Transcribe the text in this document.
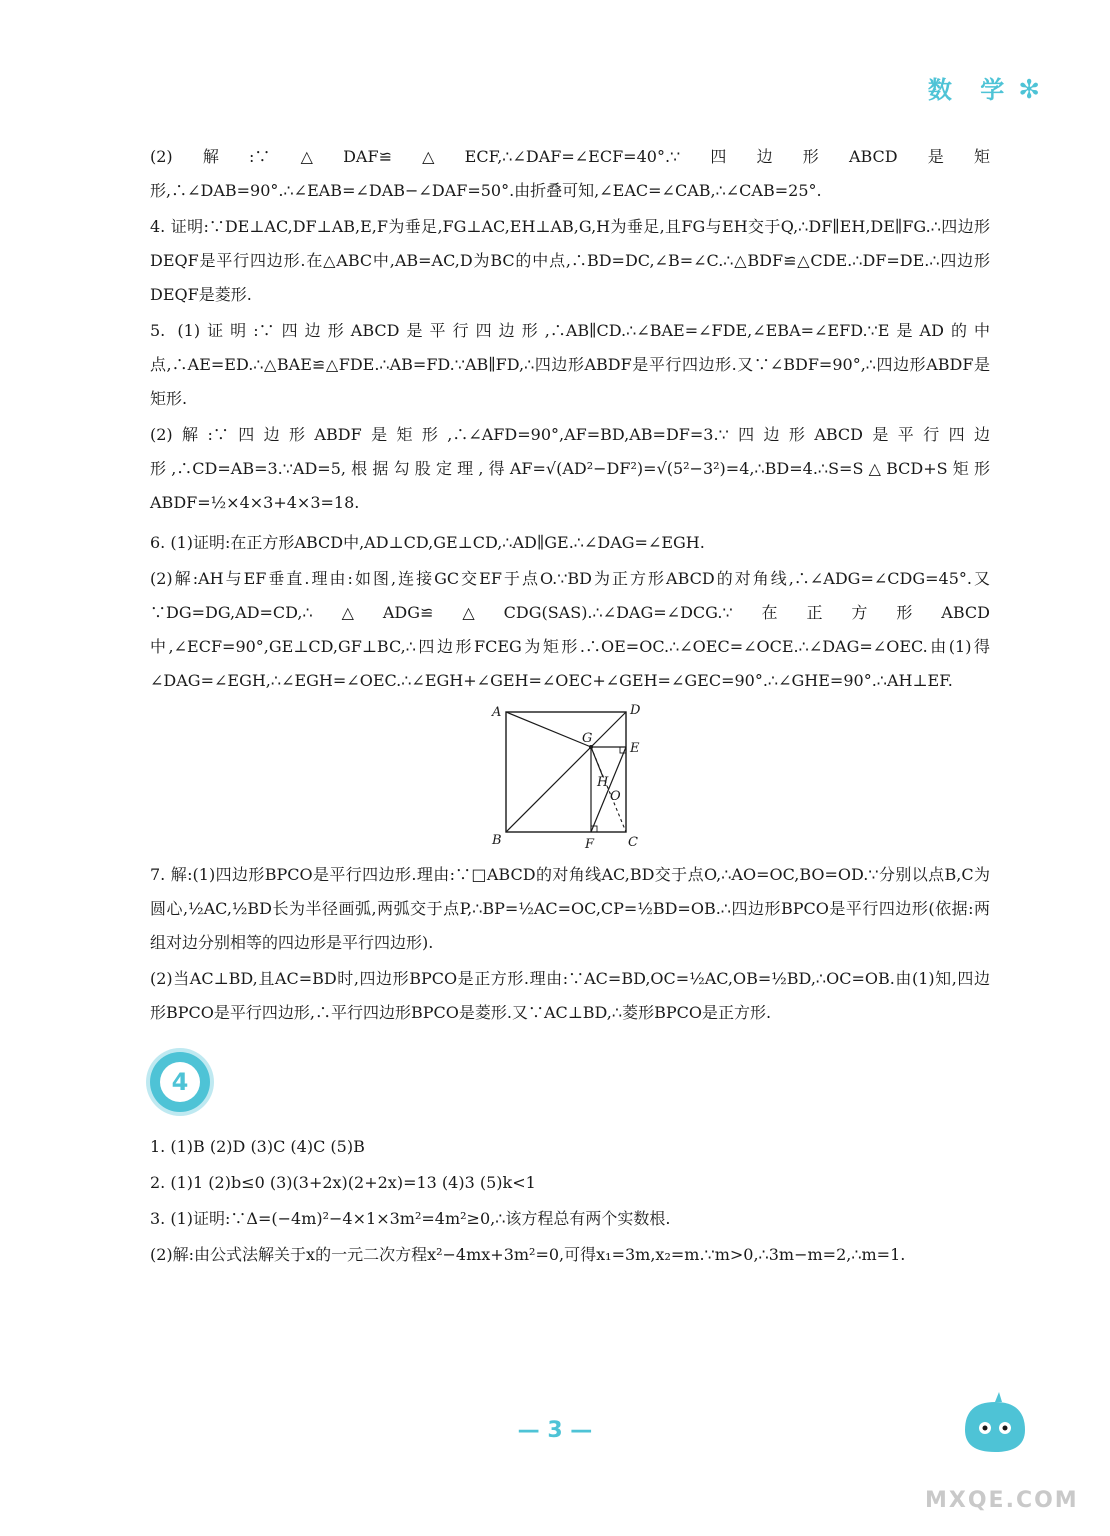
数 学 ✻

(2)解:∵△DAF≌△ECF,∴∠DAF=∠ECF=40°.∵四边形ABCD是矩形,∴∠DAB=90°.∴∠EAB=∠DAB−∠DAF=50°.由折叠可知,∠EAC=∠CAB,∴∠CAB=25°.

4. 证明:∵DE⊥AC,DF⊥AB,E,F为垂足,FG⊥AC,EH⊥AB,G,H为垂足,且FG与EH交于Q,∴DF∥EH,DE∥FG.∴四边形DEQF是平行四边形.在△ABC中,AB=AC,D为BC的中点,∴BD=DC,∠B=∠C.∴△BDF≌△CDE.∴DF=DE.∴四边形DEQF是菱形.

5. (1)证明:∵四边形ABCD是平行四边形,∴AB∥CD.∴∠BAE=∠FDE,∠EBA=∠EFD.∵E是AD的中点,∴AE=ED.∴△BAE≌△FDE.∴AB=FD.∵AB∥FD,∴四边形ABDF是平行四边形.又∵∠BDF=90°,∴四边形ABDF是矩形.

(2)解:∵四边形ABDF是矩形,∴∠AFD=90°,AF=BD,AB=DF=3.∵四边形ABCD是平行四边形,∴CD=AB=3.∵AD=5,根据勾股定理,得AF=√(AD²−DF²)=√(5²−3²)=4,∴BD=4.∴S=S△BCD+S矩形ABDF=½×4×3+4×3=18.

6. (1)证明:在正方形ABCD中,AD⊥CD,GE⊥CD,∴AD∥GE.∴∠DAG=∠EGH.

(2)解:AH与EF垂直.理由:如图,连接GC交EF于点O.∵BD为正方形ABCD的对角线,∴∠ADG=∠CDG=45°.又∵DG=DG,AD=CD,∴△ADG≌△CDG(SAS).∴∠DAG=∠DCG.∵在正方形ABCD中,∠ECF=90°,GE⊥CD,GF⊥BC,∴四边形FCEG为矩形.∴OE=OC.∴∠OEC=∠OCE.∴∠DAG=∠OEC.由(1)得∠DAG=∠EGH,∴∠EGH=∠OEC.∴∠EGH+∠GEH=∠OEC+∠GEH=∠GEC=90°.∴∠GHE=90°.∴AH⊥EF.

A	D
G
E
H
O
B	F	C

7. 解:(1)四边形BPCO是平行四边形.理由:∵□ABCD的对角线AC,BD交于点O,∴AO=OC,BO=OD.∵分别以点B,C为圆心,½AC,½BD长为半径画弧,两弧交于点P,∴BP=½AC=OC,CP=½BD=OB.∴四边形BPCO是平行四边形(依据:两组对边分别相等的四边形是平行四边形).

(2)当AC⊥BD,且AC=BD时,四边形BPCO是正方形.理由:∵AC=BD,OC=½AC,OB=½BD,∴OC=OB.由(1)知,四边形BPCO是平行四边形,∴平行四边形BPCO是菱形.又∵AC⊥BD,∴菱形BPCO是正方形.

4

1. (1)B (2)D (3)C (4)C (5)B

2. (1)1 (2)b≤0 (3)(3+2x)(2+2x)=13 (4)3 (5)k<1

3. (1)证明:∵Δ=(−4m)²−4×1×3m²=4m²≥0,∴该方程总有两个实数根.

(2)解:由公式法解关于x的一元二次方程x²−4mx+3m²=0,可得x₁=3m,x₂=m.∵m>0,∴3m−m=2,∴m=1.

— 3 —
MXQE.COM
